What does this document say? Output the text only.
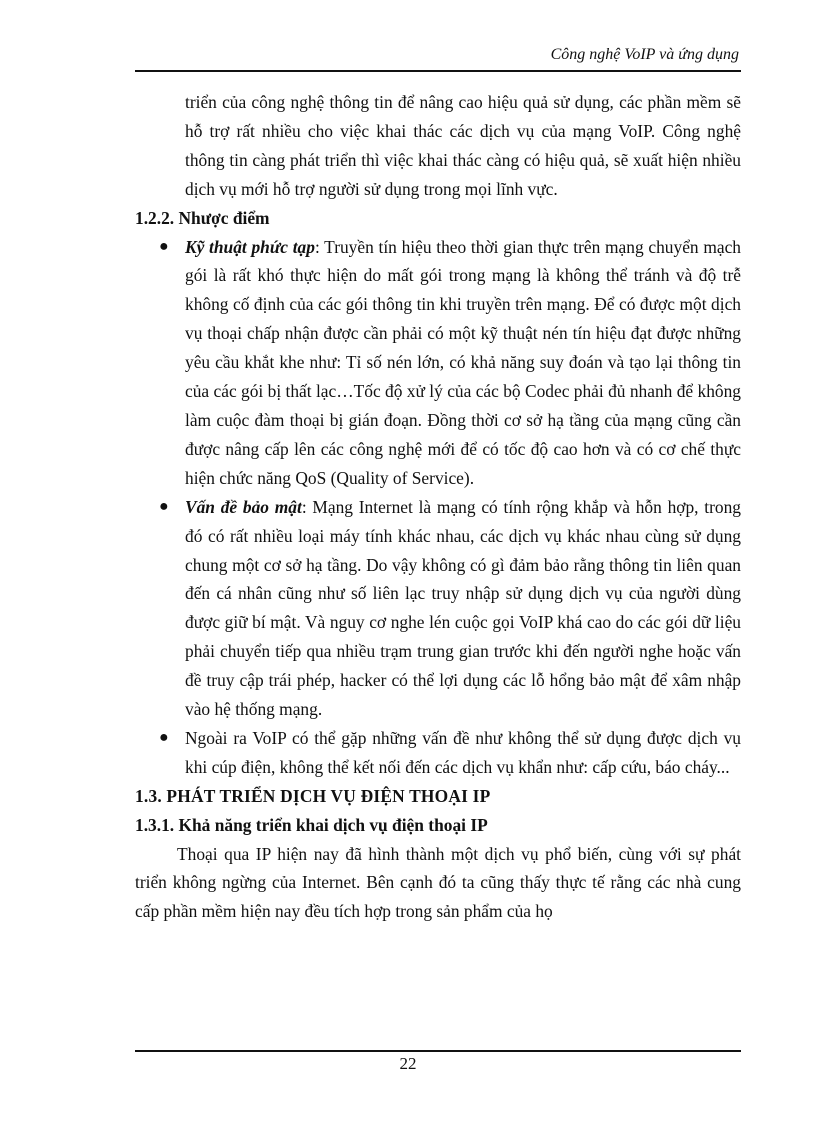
Công nghệ VoIP và ứng dụng

triển của công nghệ thông tin để nâng cao hiệu quả sử dụng, các phần mềm sẽ hỗ trợ rất nhiều cho việc khai thác các dịch vụ của mạng VoIP. Công nghệ thông tin càng phát triển thì việc khai thác càng có hiệu quả, sẽ xuất hiện nhiều dịch vụ mới hỗ trợ người sử dụng trong mọi lĩnh vực.

1.2.2. Nhược điểm
● Kỹ thuật phức tạp: Truyền tín hiệu theo thời gian thực trên mạng chuyển mạch gói là rất khó thực hiện do mất gói trong mạng là không thể tránh và độ trễ không cố định của các gói thông tin khi truyền trên mạng. Để có được một dịch vụ thoại chấp nhận được cần phải có một kỹ thuật nén tín hiệu đạt được những yêu cầu khắt khe như: Tỉ số nén lớn, có khả năng suy đoán và tạo lại thông tin của các gói bị thất lạc…Tốc độ xử lý của các bộ Codec phải đủ nhanh để không làm cuộc đàm thoại bị gián đoạn. Đồng thời cơ sở hạ tầng của mạng cũng cần được nâng cấp lên các công nghệ mới để có tốc độ cao hơn và có cơ chế thực hiện chức năng QoS (Quality of Service).

● Vấn đề bảo mật: Mạng Internet là mạng có tính rộng khắp và hỗn hợp, trong đó có rất nhiều loại máy tính khác nhau, các dịch vụ khác nhau cùng sử dụng chung một cơ sở hạ tầng. Do vậy không có gì đảm bảo rằng thông tin liên quan đến cá nhân cũng như số liên lạc truy nhập sử dụng dịch vụ của người dùng được giữ bí mật. Và nguy cơ nghe lén cuộc gọi VoIP khá cao do các gói dữ liệu phải chuyển tiếp qua nhiều trạm trung gian trước khi đến người nghe hoặc vấn đề truy cập trái phép, hacker có thể lợi dụng các lỗ hổng bảo mật để xâm nhập vào hệ thống mạng.

● Ngoài ra VoIP có thể gặp những vấn đề như không thể sử dụng được dịch vụ khi cúp điện, không thể kết nối đến các dịch vụ khẩn như: cấp cứu, báo cháy...

1.3. PHÁT TRIỂN DỊCH VỤ ĐIỆN THOẠI IP
1.3.1. Khả năng triển khai dịch vụ điện thoại IP

Thoại qua IP hiện nay đã hình thành một dịch vụ phổ biến, cùng với sự phát triển không ngừng của Internet. Bên cạnh đó ta cũng thấy thực tế rằng các nhà cung cấp phần mềm hiện nay đều tích hợp trong sản phẩm của họ

22
